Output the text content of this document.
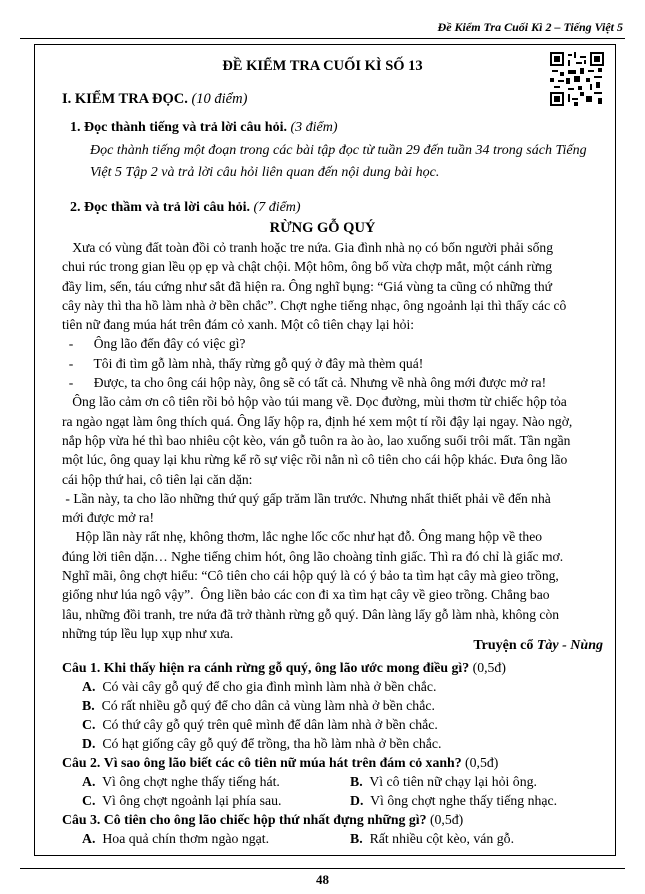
Đề Kiểm Tra Cuối Kì 2 – Tiếng Việt 5
ĐỀ KIỂM TRA CUỐI KÌ SỐ 13
I. KIỂM TRA ĐỌC. (10 điểm)
1. Đọc thành tiếng và trả lời câu hỏi. (3 điểm)
Đọc thành tiếng một đoạn trong các bài tập đọc từ tuần 29 đến tuần 34 trong sách Tiếng
Việt 5 Tập 2 và trả lời câu hỏi liên quan đến nội dung bài học.
2. Đọc thầm và trả lời câu hỏi. (7 điểm)
RỪNG GỖ QUÝ
Xưa có vùng đất toàn đồi cỏ tranh hoặc tre nứa. Gia đình nhà nọ có bốn người phải sống
chui rúc trong gian lều ọp ẹp và chật chội. Một hôm, ông bố vừa chợp mắt, một cánh rừng
đầy lim, sến, táu cứng như sắt đã hiện ra. Ông nghĩ bụng: “Giá vùng ta cũng có những thứ
cây này thì tha hồ làm nhà ở bền chắc”. Chợt nghe tiếng nhạc, ông ngoảnh lại thì thấy các cô
tiên nữ đang múa hát trên đám cỏ xanh. Một cô tiên chạy lại hỏi:
-      Ông lão đến đây có việc gì?
-      Tôi đi tìm gỗ làm nhà, thấy rừng gỗ quý ở đây mà thèm quá!
-      Được, ta cho ông cái hộp này, ông sẽ có tất cả. Nhưng về nhà ông mới được mở ra!
Ông lão cảm ơn cô tiên rồi bỏ hộp vào túi mang về. Dọc đường, mùi thơm từ chiếc hộp tỏa
ra ngào ngạt làm ông thích quá. Ông lấy hộp ra, định hé xem một tí rồi đậy lại ngay. Nào ngờ,
nắp hộp vừa hé thì bao nhiêu cột kèo, ván gỗ tuôn ra ào ào, lao xuống suối trôi mất. Tần ngần
một lúc, ông quay lại khu rừng kể rõ sự việc rồi nằn nì cô tiên cho cái hộp khác. Đưa ông lão
cái hộp thứ hai, cô tiên lại căn dặn:
- Lần này, ta cho lão những thứ quý gấp trăm lần trước. Nhưng nhất thiết phải về đến nhà
mới được mở ra!
Hộp lần này rất nhẹ, không thơm, lắc nghe lốc cốc như hạt đỗ. Ông mang hộp về theo
đúng lời tiên dặn… Nghe tiếng chim hót, ông lão choàng tỉnh giấc. Thì ra đó chỉ là giấc mơ.
Nghĩ mãi, ông chợt hiểu: “Cô tiên cho cái hộp quý là có ý bảo ta tìm hạt cây mà gieo trồng,
giống như lúa ngô vậy”.  Ông liền bảo các con đi xa tìm hạt cây về gieo trồng. Chẳng bao
lâu, những đồi tranh, tre nứa đã trở thành rừng gỗ quý. Dân làng lấy gỗ làm nhà, không còn
những túp lều lụp xụp như xưa.
Truyện cổ Tày - Nùng
Câu 1. Khi thấy hiện ra cánh rừng gỗ quý, ông lão ước mong điều gì? (0,5đ)
A. Có vài cây gỗ quý để cho gia đình mình làm nhà ở bền chắc.
B. Có rất nhiều gỗ quý để cho dân cả vùng làm nhà ở bền chắc.
C. Có thứ cây gỗ quý trên quê mình để dân làm nhà ở bền chắc.
D. Có hạt giống cây gỗ quý để trồng, tha hồ làm nhà ở bền chắc.
Câu 2. Vì sao ông lão biết các cô tiên nữ múa hát trên đám cỏ xanh? (0,5đ)
A. Vì ông chợt nghe thấy tiếng hát.	B. Vì cô tiên nữ chạy lại hỏi ông.
C. Vì ông chợt ngoảnh lại phía sau.	D. Vì ông chợt nghe thấy tiếng nhạc.
Câu 3. Cô tiên cho ông lão chiếc hộp thứ nhất đựng những gì? (0,5đ)
A. Hoa quả chín thơm ngào ngạt.	B. Rất nhiều cột kèo, ván gỗ.
48
